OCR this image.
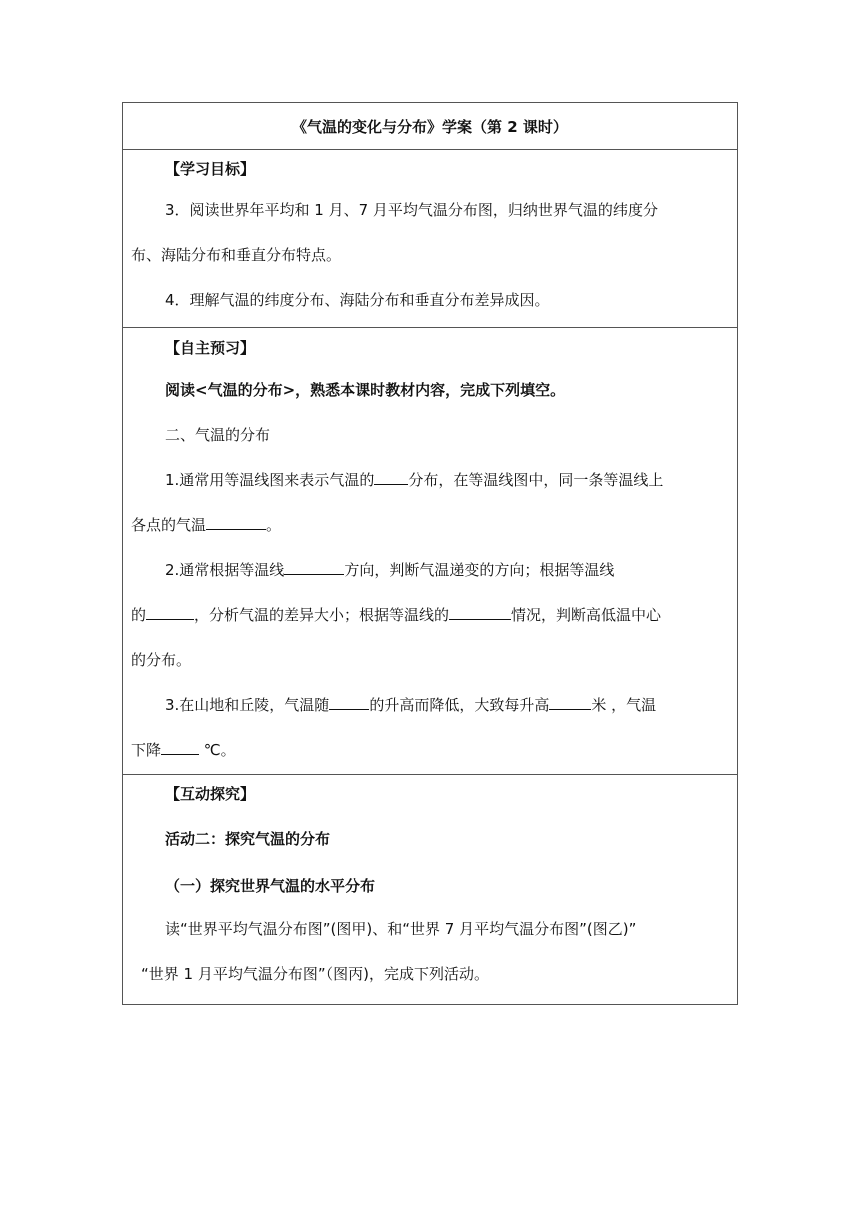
《气温的变化与分布》学案（第 2 课时）

【学习目标】

3．阅读世界年平均和 1 月、7 月平均气温分布图，归纳世界气温的纬度分

布、海陆分布和垂直分布特点。

4．理解气温的纬度分布、海陆分布和垂直分布差异成因。

【自主预习】

阅读<气温的分布>，熟悉本课时教材内容，完成下列填空。

二、气温的分布

1.通常用等温线图来表示气温的 分布，在等温线图中，同一条等温线上

各点的气温	。

2.通常根据等温线	方向，判断气温递变的方向；根据等温线

的	，分析气温的差异大小；根据等温线的	情况，判断高低温中心

的分布。

3.在山地和丘陵，气温随	的升高而降低，大致每升高	米 ，气温

下降	℃。

【互动探究】

活动二：探究气温的分布

（一）探究世界气温的水平分布

读“世界平均气温分布图”(图甲)、和“世界 7 月平均气温分布图”(图乙)”

“世界 1 月平均气温分布图”（图丙)，完成下列活动。
